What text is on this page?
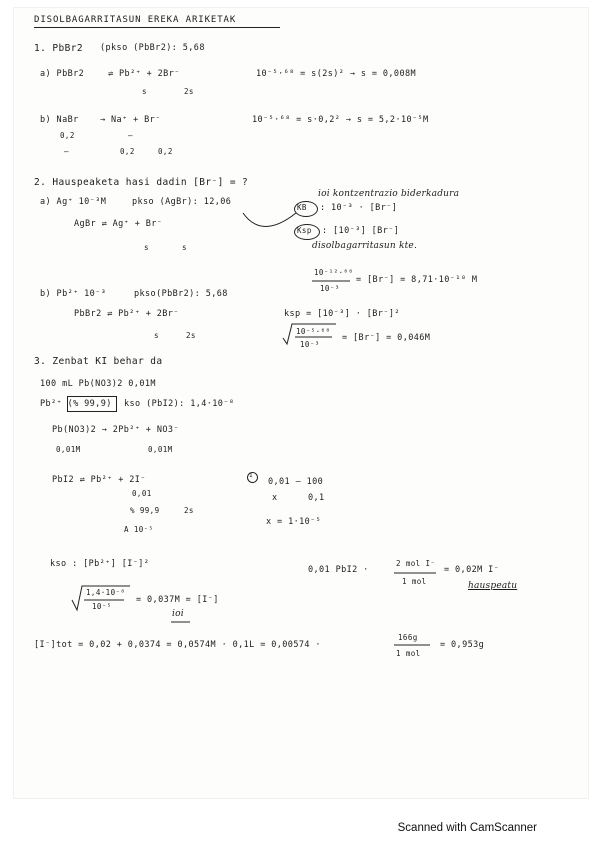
DISOLBAGARRITASUN EREKA ARIKETAK
1. PbBr2 (pkso (PbBr2): 5,68
a) PbBr2	⇌ Pb²⁺ + 2Br⁻
s	2s
10⁻⁵·⁶⁸ = s(2s)² → s = 0,008M
b) NaBr	→ Na⁺ + Br⁻
0,2	—
—	0,2	0,2
10⁻⁵·⁶⁸ = s·0,2² → s = 5,2·10⁻⁵M
2. Hauspeaketa hasi dadin [Br⁻] = ?
a) Ag⁺ 10⁻³M	pkso (AgBr): 12,06
ioi kontzentrazio biderkadura
KB : 10⁻³ · [Br⁻]
AgBr ⇌ Ag⁺ + Br⁻
s	s
Ksp : [10⁻³] [Br⁻]
disolbagarritasun kte.
10⁻¹²·⁰⁶
10⁻³
= [Br⁻] = 8,71·10⁻¹⁰ M
b) Pb²⁺ 10⁻³	pkso(PbBr2): 5,68
PbBr2 ⇌ Pb²⁺ + 2Br⁻
s	2s
ksp = [10⁻³] · [Br⁻]²
10⁻⁵·⁶⁸
10⁻³
= [Br⁻] = 0,046M
3. Zenbat KI behar da
100 mL Pb(NO3)2 0,01M
Pb²⁺ (% 99,9) kso (PbI2): 1,4·10⁻⁸
Pb(NO3)2 → 2Pb²⁺ + NO3⁻
0,01M	0,01M
PbI2 ⇌ Pb²⁺ + 2I⁻
0,01
% 99,9	2s
A 10⁻⁵
1
0,01 — 100
x	0,1
x = 1·10⁻⁵
kso : [Pb²⁺] [I⁻]²
0,01 PbI2 ·
2 mol I⁻
1 mol
= 0,02M I⁻
hauspeatu
1,4·10⁻⁸
10⁻⁵
= 0,037M = [I⁻]
ioi
[I⁻]tot = 0,02 + 0,0374 = 0,0574M · 0,1L = 0,00574 ·
166g
1 mol
= 0,953g
Scanned with CamScanner
